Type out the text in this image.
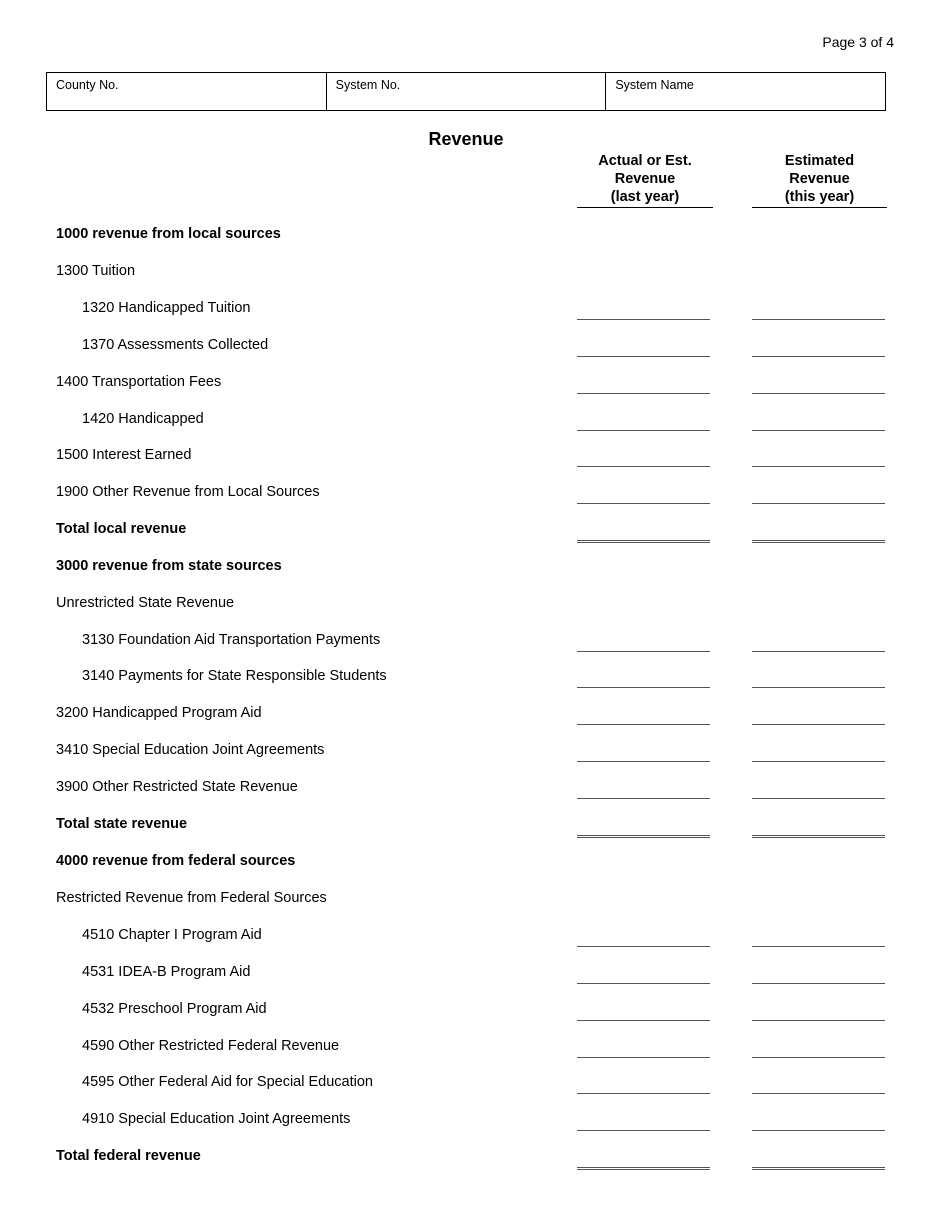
Page 3 of 4
County No.	System No.	System Name
Revenue
Actual or Est.
Revenue
(last year)
Estimated
Revenue
(this year)
1000 revenue from local sources
1300 Tuition
1320 Handicapped Tuition
1370 Assessments Collected
1400 Transportation Fees
1420 Handicapped
1500 Interest Earned
1900 Other Revenue from Local Sources
Total local revenue
3000 revenue from state sources
Unrestricted State Revenue
3130 Foundation Aid Transportation Payments
3140 Payments for State Responsible Students
3200 Handicapped Program Aid
3410 Special Education Joint Agreements
3900 Other Restricted State Revenue
Total state revenue
4000 revenue from federal sources
Restricted Revenue from Federal Sources
4510 Chapter I Program Aid
4531 IDEA-B Program Aid
4532 Preschool Program Aid
4590 Other Restricted Federal Revenue
4595 Other Federal Aid for Special Education
4910 Special Education Joint Agreements
Total federal revenue
